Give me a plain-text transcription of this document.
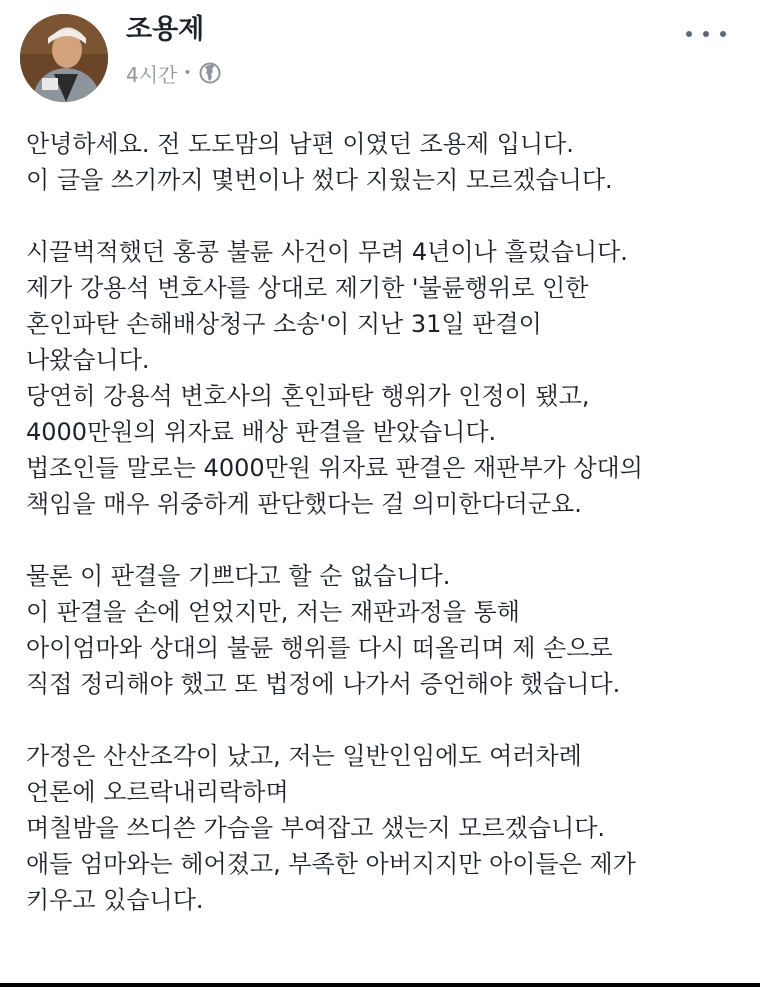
조용제
4시간 •
안녕하세요. 전 도도맘의 남편 이였던 조용제 입니다.
이 글을 쓰기까지 몇번이나 썼다 지웠는지 모르겠습니다.
시끌벅적했던 홍콩 불륜 사건이 무려 4년이나 흘렀습니다.
제가 강용석 변호사를 상대로 제기한 '불륜행위로 인한
혼인파탄 손해배상청구 소송'이 지난 31일 판결이
나왔습니다.
당연히 강용석 변호사의 혼인파탄 행위가 인정이 됐고,
4000만원의 위자료 배상 판결을 받았습니다.
법조인들 말로는 4000만원 위자료 판결은 재판부가 상대의
책임을 매우 위중하게 판단했다는 걸 의미한다더군요.
물론 이 판결을 기쁘다고 할 순 없습니다.
이 판결을 손에 얻었지만, 저는 재판과정을 통해
아이엄마와 상대의 불륜 행위를 다시 떠올리며 제 손으로
직접 정리해야 했고 또 법정에 나가서 증언해야 했습니다.
가정은 산산조각이 났고, 저는 일반인임에도 여러차례
언론에 오르락내리락하며
며칠밤을 쓰디쓴 가슴을 부여잡고 샜는지 모르겠습니다.
애들 엄마와는 헤어졌고, 부족한 아버지지만 아이들은 제가
키우고 있습니다.
